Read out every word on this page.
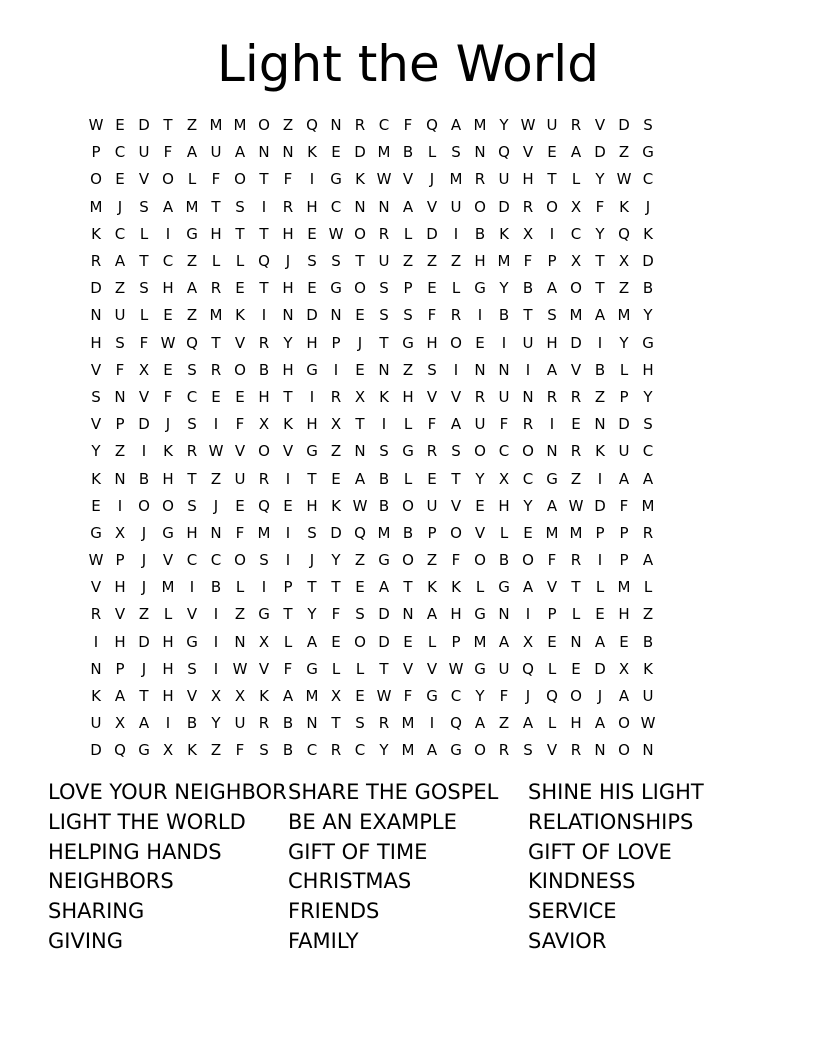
Light the World
W E D T Z M M O Z Q N R C F Q A M Y W U R V D S
P C U F A U A N N K E D M B L	S N Q V E A D Z G
O E V O L	F O T	F	I	G K W V	J	M R U H T	L	Y W C
M	J	S A M T S	I	R H C N N A V U O D R O X F K	J
K C L	I	G H T T H E W O R L D	I	B K X	I	C Y Q K
R A T C Z L	L Q	J	S S T U Z Z Z H M F	P X T X D
D Z S H A R E T H E G O S P E	L G Y B A O T Z B
N U L	E Z M K	I	N D N E S S F R	I	B T S M A M Y
H S F W Q T V R Y H P	J	T G H O E	I	U H D	I	Y G
V F X E S R O B H G	I	E N Z S	I	N N	I	A V B L H
S N V F C E E H T	I	R X K H V V R U N R R Z P Y
V P D	J	S	I	F X K H X T	I	L	F A U F R	I	E N D S
Y Z	I	K R W V O V G Z N S G R S O C O N R K U C
K N B H T Z U R	I	T E A B L	E T Y X C G Z	I	A A
E	I	O O S	J	E Q E H K W B O U V E H Y A W D F M
G X	J	G H N F M	I	S D Q M B P O V L	E M M P P R
W P	J	V C C O S	I	J	Y Z G O Z F O B O F R	I	P A
V H	J	M	I	B L	I	P T T E A T K K L G A V T	L M L
R V Z L V	I	Z G T Y	F S D N A H G N	I	P	L	E H Z
I	H D H G	I	N X L A E O D E	L	P M A X E N A E B
N P	J	H S	I W V F G L	L	T V V W G U Q L	E D X K
K A T H V X X K A M X E W F G C Y	F	J	Q O	J	A U
U X A	I	B Y U R B N T S R M	I	Q A Z A L H A O W
D Q G X K Z F S B C R C Y M A G O R S V R N O N
LOVE YOUR NEIGHBOR
LIGHT THE WORLD
HELPING HANDS
NEIGHBORS
SHARING
GIVING
SHARE THE GOSPEL
BE AN EXAMPLE
GIFT OF TIME
CHRISTMAS
FRIENDS
FAMILY
SHINE HIS LIGHT
RELATIONSHIPS
GIFT OF LOVE
KINDNESS
SERVICE
SAVIOR
